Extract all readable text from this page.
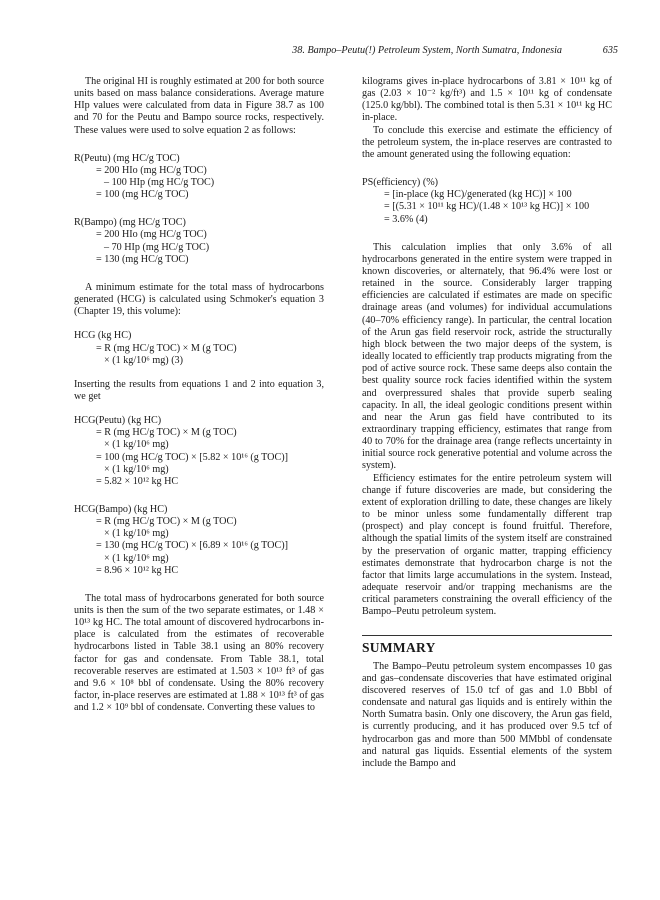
38. Bampo–Peutu(!) Petroleum System, North Sumatra, Indonesia	635

The original HI is roughly estimated at 200 for both source units based on mass balance considerations. Average mature HIp values were calculated from data in Figure 38.7 as 100 and 70 for the Peutu and Bampo source rocks, respectively. These values were used to solve equation 2 as follows:

R(Peutu) (mg HC/g TOC)
= 200 HIo (mg HC/g TOC)
– 100 HIp (mg HC/g TOC)
= 100 (mg HC/g TOC)
R(Bampo) (mg HC/g TOC)
= 200 HIo (mg HC/g TOC)
– 70 HIp (mg HC/g TOC)
= 130 (mg HC/g TOC)

A minimum estimate for the total mass of hydrocarbons generated (HCG) is calculated using Schmoker's equation 3 (Chapter 19, this volume):

HCG (kg HC)
= R (mg HC/g TOC) × M (g TOC)
× (1 kg/10⁶ mg) (3)

Inserting the results from equations 1 and 2 into equation 3, we get

HCG(Peutu) (kg HC)
= R (mg HC/g TOC) × M (g TOC)
× (1 kg/10⁶ mg)
= 100 (mg HC/g TOC) × [5.82 × 10¹⁶ (g TOC)]
× (1 kg/10⁶ mg)
= 5.82 × 10¹² kg HC
HCG(Bampo) (kg HC)
= R (mg HC/g TOC) × M (g TOC)
× (1 kg/10⁶ mg)
= 130 (mg HC/g TOC) × [6.89 × 10¹⁶ (g TOC)]
× (1 kg/10⁶ mg)
= 8.96 × 10¹² kg HC

The total mass of hydrocarbons generated for both source units is then the sum of the two separate estimates, or 1.48 × 10¹³ kg HC. The total amount of discovered hydrocarbons in-place is calculated from the estimates of recoverable hydrocarbons listed in Table 38.1 using an 80% recovery factor for gas and condensate. From Table 38.1, total recoverable reserves are estimated at 1.503 × 10¹³ ft³ of gas and 9.6 × 10⁸ bbl of condensate. Using the 80% recovery factor, in-place reserves are estimated at 1.88 × 10¹³ ft³ of gas and 1.2 × 10⁹ bbl of condensate. Converting these values to

kilograms gives in-place hydrocarbons of 3.81 × 10¹¹ kg of gas (2.03 × 10⁻² kg/ft³) and 1.5 × 10¹¹ kg of condensate (125.0 kg/bbl). The combined total is then 5.31 × 10¹¹ kg HC in-place.

To conclude this exercise and estimate the efficiency of the petroleum system, the in-place reserves are contrasted to the amount generated using the following equation:

PS(efficiency) (%)
= [in-place (kg HC)/generated (kg HC)] × 100
= [(5.31 × 10¹¹ kg HC)/(1.48 × 10¹³ kg HC)] × 100
= 3.6% (4)

This calculation implies that only 3.6% of all hydrocarbons generated in the entire system were trapped in known discoveries, or alternately, that 96.4% were lost or retained in the source. Considerably larger trapping efficiencies are calculated if estimates are made on specific drainage areas (and volumes) for individual accumulations (40–70% efficiency range). In particular, the central location of the Arun gas field reservoir rock, astride the structurally high block between the two major deeps of the system, is ideally located to efficiently trap products migrating from the pod of active source rock. These same deeps also contain the best quality source rock facies identified within the system and overpressured shales that provide superb sealing capacity. In all, the ideal geologic conditions present within and near the Arun gas field have contributed to its extraordinary trapping efficiency, estimates that range from 40 to 70% for the drainage area (range reflects uncertainty in initial source rock generative potential and volume across the system).

Efficiency estimates for the entire petroleum system will change if future discoveries are made, but considering the extent of exploration drilling to date, these changes are likely to be minor unless some fundamentally different trap (prospect) and play concept is found fruitful. Therefore, although the spatial limits of the system itself are constrained by the preservation of organic matter, trapping efficiency estimates demonstrate that hydrocarbon charge is not the factor that limits large accumulations in the system. Instead, adequate reservoir and/or trapping mechanisms are the critical parameters constraining the overall efficiency of the Bampo–Peutu petroleum system.

SUMMARY

The Bampo–Peutu petroleum system encompasses 10 gas and gas–condensate discoveries that have estimated original discovered reserves of 15.0 tcf of gas and 1.0 Bbbl of condensate and natural gas liquids and is entirely within the North Sumatra basin. Only one discovery, the Arun gas field, is currently producing, and it has produced over 9.5 tcf of hydrocarbon gas and more than 500 MMbbl of condensate and natural gas liquids. Essential elements of the system include the Bampo and
